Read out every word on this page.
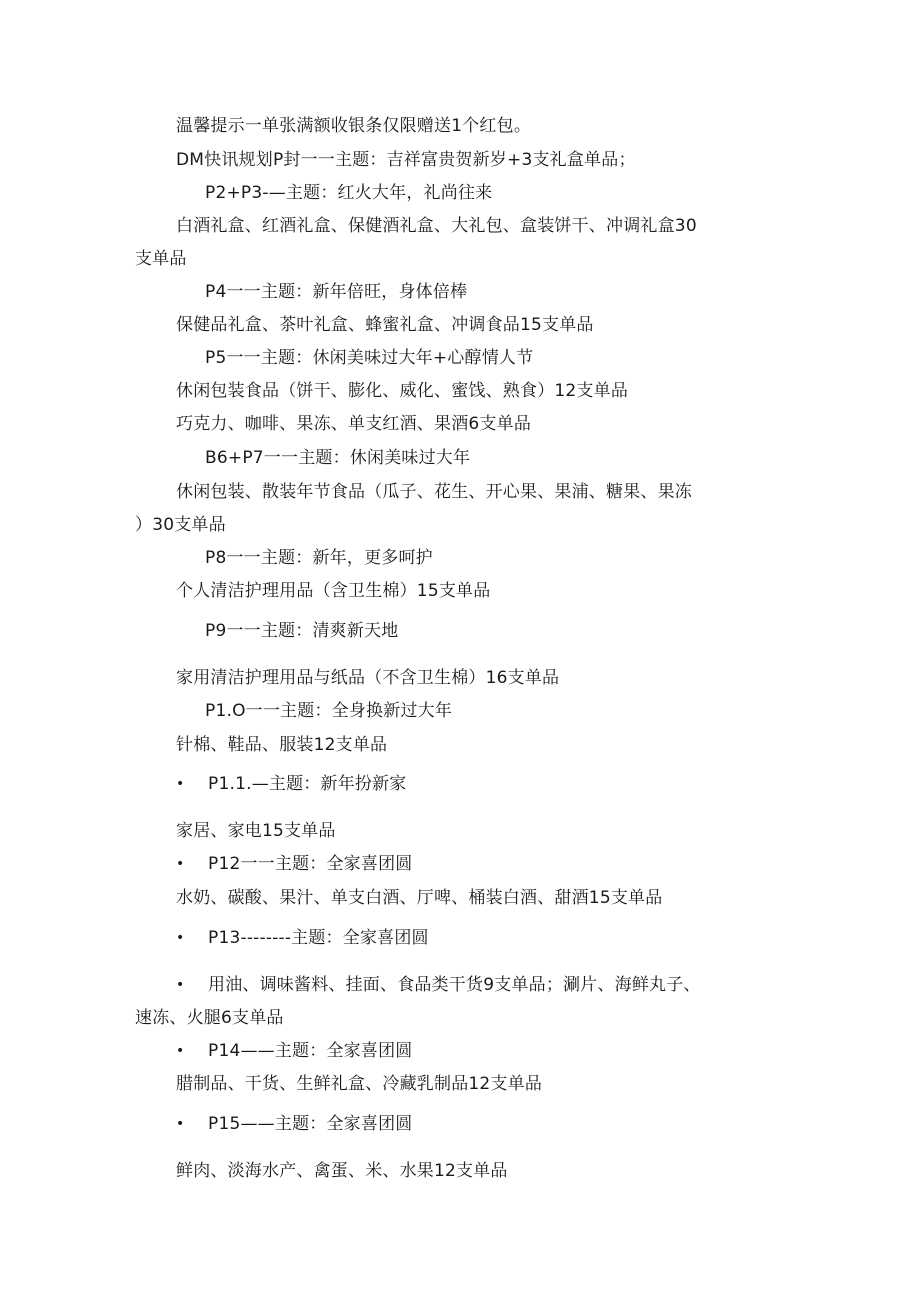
温馨提示一单张满额收银条仅限赠送1个红包。
DM快讯规划P封一一主题：吉祥富贵贺新岁+3支礼盒单品；
P2+P3-—主题：红火大年，礼尚往来
白酒礼盒、红酒礼盒、保健酒礼盒、大礼包、盒装饼干、冲调礼盒30
支单品
P4一一主题：新年倍旺，身体倍棒
保健品礼盒、茶叶礼盒、蜂蜜礼盒、冲调食品15支单品
P5一一主题：休闲美味过大年+心醇情人节
休闲包装食品（饼干、膨化、威化、蜜饯、熟食）12支单品
巧克力、咖啡、果冻、单支红酒、果酒6支单品
B6+P7一一主题：休闲美味过大年
休闲包装、散装年节食品（瓜子、花生、开心果、果浦、糖果、果冻
）30支单品
P8一一主题：新年，更多呵护
个人清洁护理用品（含卫生棉）15支单品
P9一一主题：清爽新天地
家用清洁护理用品与纸品（不含卫生棉）16支单品
P1.O一一主题：全身换新过大年
针棉、鞋品、服装12支单品
• P1.1.—主题：新年扮新家
家居、家电15支单品
• P12一一主题：全家喜团圆
水奶、碳酸、果汁、单支白酒、厅啤、桶装白酒、甜酒15支单品
• P13--------主题：全家喜团圆
• 用油、调味酱料、挂面、食品类干货9支单品；涮片、海鲜丸子、
速冻、火腿6支单品
• P14——主题：全家喜团圆
腊制品、干货、生鲜礼盒、冷藏乳制品12支单品
• P15——主题：全家喜团圆
鲜肉、淡海水产、禽蛋、米、水果12支单品
